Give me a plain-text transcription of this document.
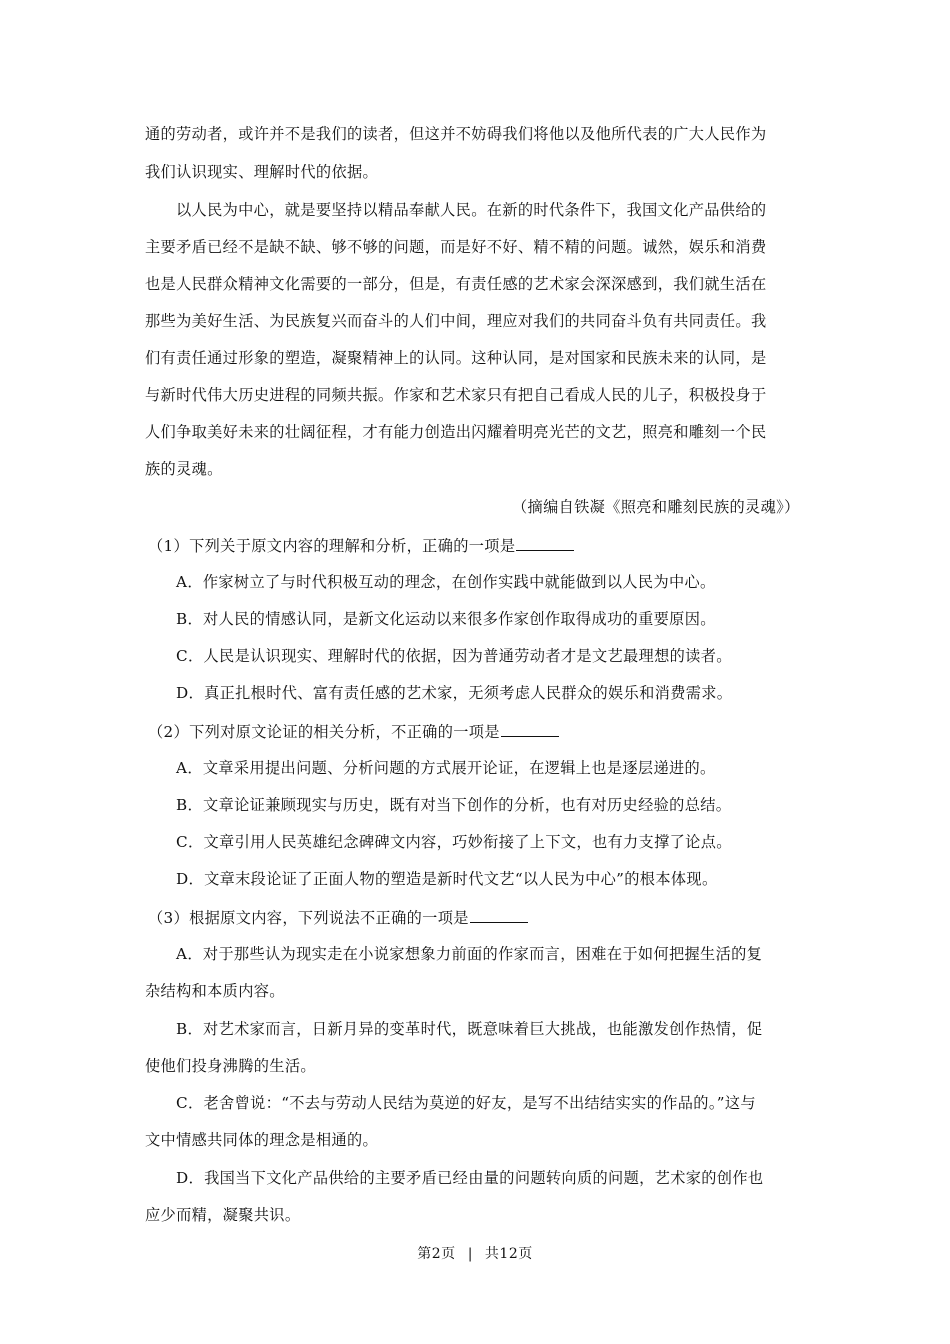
通的劳动者，或许并不是我们的读者，但这并不妨碍我们将他以及他所代表的广大人民作为
我们认识现实、理解时代的依据。
以人民为中心，就是要坚持以精品奉献人民。在新的时代条件下，我国文化产品供给的
主要矛盾已经不是缺不缺、够不够的问题，而是好不好、精不精的问题。诚然，娱乐和消费
也是人民群众精神文化需要的一部分，但是，有责任感的艺术家会深深感到，我们就生活在
那些为美好生活、为民族复兴而奋斗的人们中间，理应对我们的共同奋斗负有共同责任。我
们有责任通过形象的塑造，凝聚精神上的认同。这种认同，是对国家和民族未来的认同，是
与新时代伟大历史进程的同频共振。作家和艺术家只有把自己看成人民的儿子，积极投身于
人们争取美好未来的壮阔征程，才有能力创造出闪耀着明亮光芒的文艺，照亮和雕刻一个民
族的灵魂。
（摘编自铁凝《照亮和雕刻民族的灵魂》）
（1）下列关于原文内容的理解和分析，正确的一项是
A．作家树立了与时代积极互动的理念，在创作实践中就能做到以人民为中心。
B．对人民的情感认同，是新文化运动以来很多作家创作取得成功的重要原因。
C．人民是认识现实、理解时代的依据，因为普通劳动者才是文艺最理想的读者。
D．真正扎根时代、富有责任感的艺术家，无须考虑人民群众的娱乐和消费需求。
（2）下列对原文论证的相关分析，不正确的一项是
A．文章采用提出问题、分析问题的方式展开论证，在逻辑上也是逐层递进的。
B．文章论证兼顾现实与历史，既有对当下创作的分析，也有对历史经验的总结。
C．文章引用人民英雄纪念碑碑文内容，巧妙衔接了上下文，也有力支撑了论点。
D．文章末段论证了正面人物的塑造是新时代文艺“以人民为中心”的根本体现。
（3）根据原文内容，下列说法不正确的一项是
A．对于那些认为现实走在小说家想象力前面的作家而言，困难在于如何把握生活的复
杂结构和本质内容。
B．对艺术家而言，日新月异的变革时代，既意味着巨大挑战，也能激发创作热情，促
使他们投身沸腾的生活。
C．老舍曾说：“不去与劳动人民结为莫逆的好友，是写不出结结实实的作品的。”这与
文中情感共同体的理念是相通的。
D．我国当下文化产品供给的主要矛盾已经由量的问题转向质的问题，艺术家的创作也
应少而精，凝聚共识。
第2页 | 共12页
